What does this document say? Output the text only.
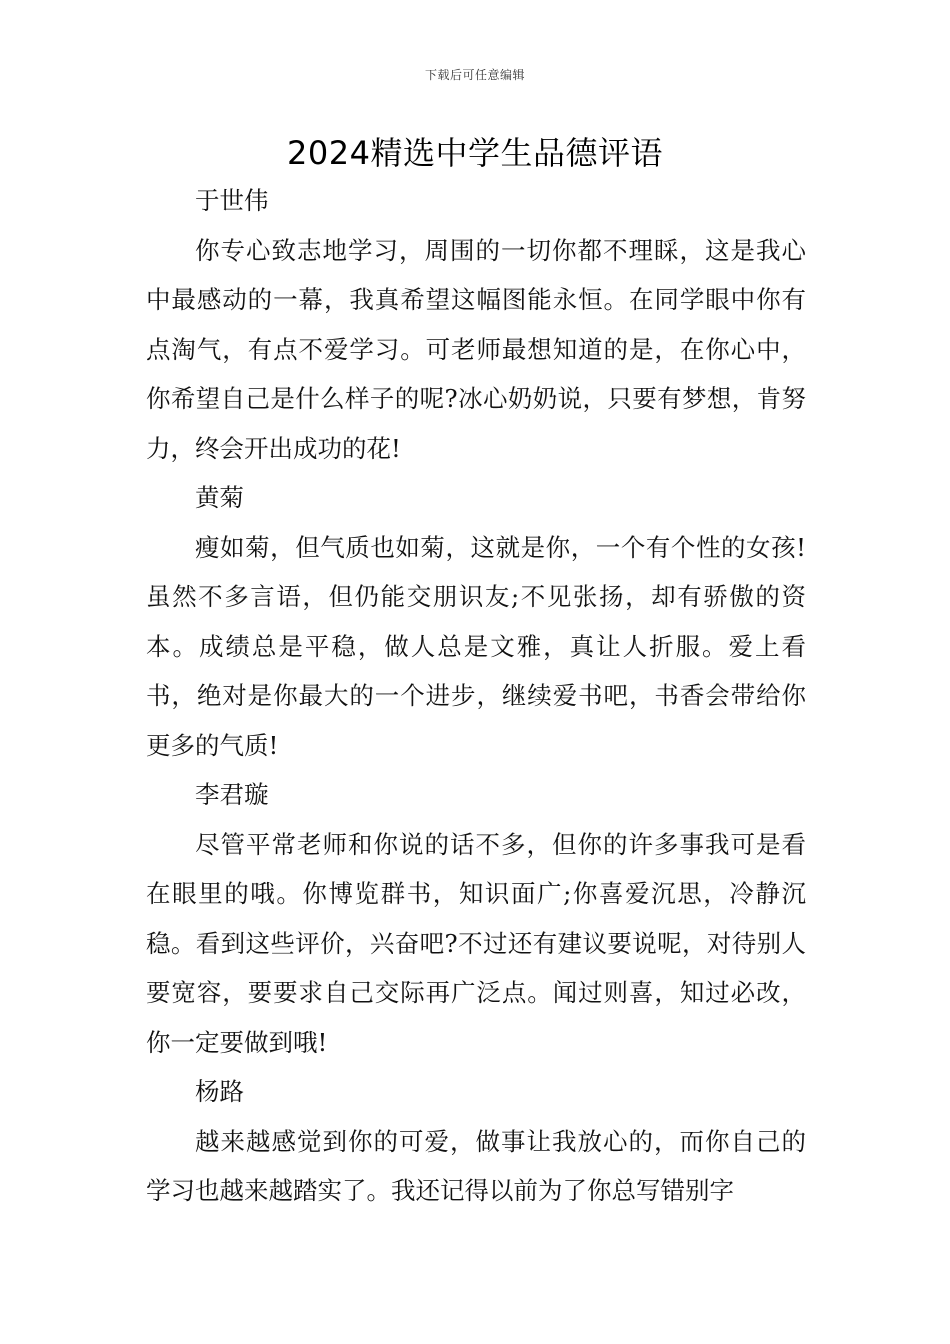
下载后可任意编辑
2024精选中学生品德评语

于世伟

你专心致志地学习，周围的一切你都不理睬，这是我心中最感动的一幕，我真希望这幅图能永恒。在同学眼中你有点淘气，有点不爱学习。可老师最想知道的是，在你心中，你希望自己是什么样子的呢?冰心奶奶说，只要有梦想，肯努力，终会开出成功的花!

黄菊

瘦如菊，但气质也如菊，这就是你，一个有个性的女孩!虽然不多言语，但仍能交朋识友;不见张扬，却有骄傲的资本。成绩总是平稳，做人总是文雅，真让人折服。爱上看书，绝对是你最大的一个进步，继续爱书吧，书香会带给你更多的气质!

李君璇

尽管平常老师和你说的话不多，但你的许多事我可是看在眼里的哦。你博览群书，知识面广;你喜爱沉思，冷静沉稳。看到这些评价，兴奋吧?不过还有建议要说呢，对待别人要宽容，要要求自己交际再广泛点。闻过则喜，知过必改，你一定要做到哦!

杨路

越来越感觉到你的可爱，做事让我放心的，而你自己的学习也越来越踏实了。我还记得以前为了你总写错别字
